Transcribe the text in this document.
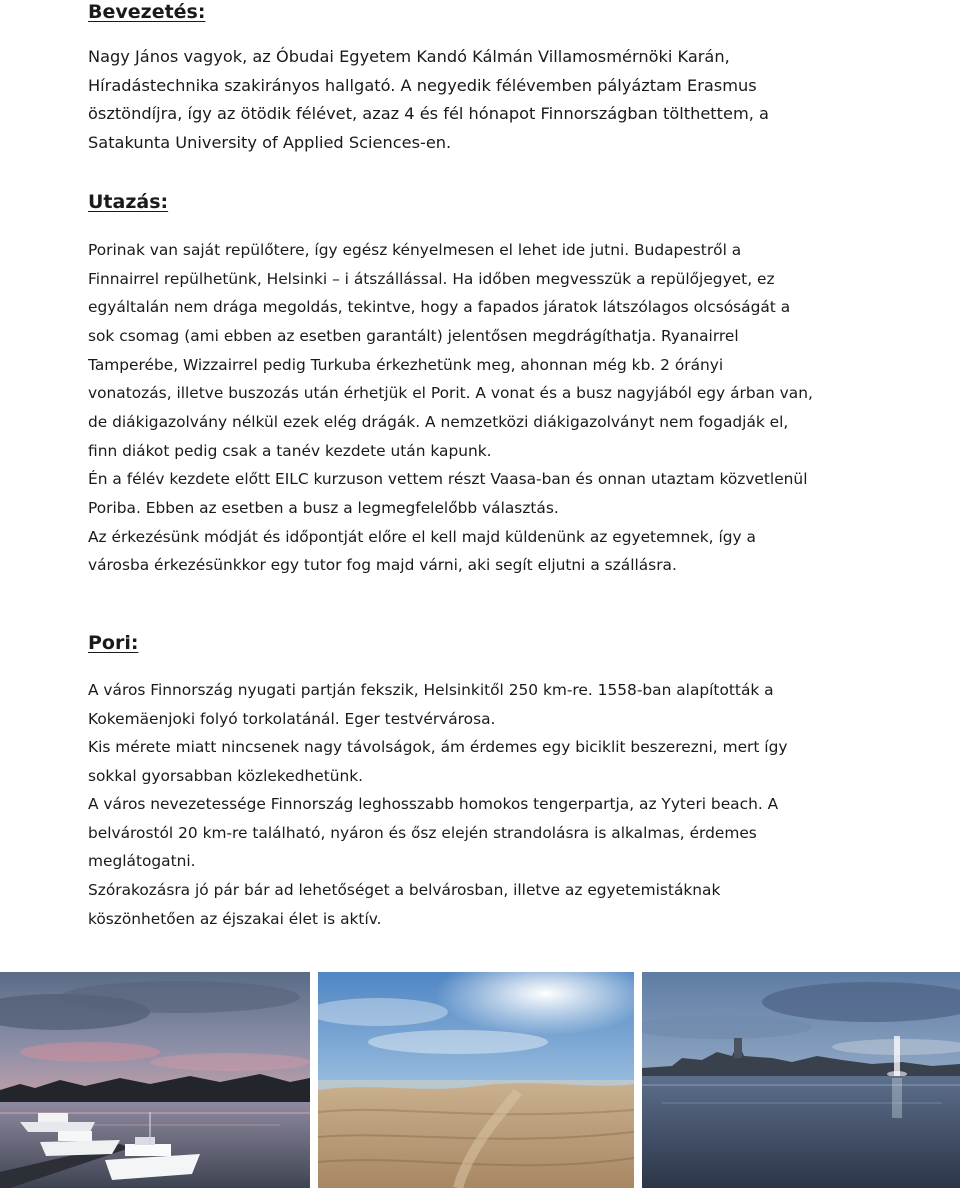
Bevezetés:
Nagy János vagyok, az Óbudai Egyetem Kandó Kálmán Villamosmérnöki Karán,
Híradástechnika szakirányos hallgató. A negyedik félévemben pályáztam Erasmus
ösztöndíjra, így az ötödik félévet, azaz 4 és fél hónapot Finnországban tölthettem, a
Satakunta University of Applied Sciences-en.
Utazás:
Porinak van saját repülőtere, így egész kényelmesen el lehet ide jutni. Budapestről a
Finnairrel repülhetünk, Helsinki – i átszállással. Ha időben megvesszük a repülőjegyet, ez
egyáltalán nem drága megoldás, tekintve, hogy a fapados járatok látszólagos olcsóságát a
sok csomag (ami ebben az esetben garantált) jelentősen megdrágíthatja. Ryanairrel
Tamperébe, Wizzairrel pedig Turkuba érkezhetünk meg, ahonnan még kb. 2 órányi
vonatozás, illetve buszozás után érhetjük el Porit. A vonat és a busz nagyjából egy árban van,
de diákigazolvány nélkül ezek elég drágák. A nemzetközi diákigazolványt nem fogadják el,
finn diákot pedig csak a tanév kezdete után kapunk.
Én a félév kezdete előtt EILC kurzuson vettem részt Vaasa-ban és onnan utaztam közvetlenül
Poriba. Ebben az esetben a busz a legmegfelelőbb választás.
Az érkezésünk módját és időpontját előre el kell majd küldenünk az egyetemnek, így a
városba érkezésünkkor egy tutor fog majd várni, aki segít eljutni a szállásra.
Pori:
A város Finnország nyugati partján fekszik, Helsinkitől 250 km-re. 1558-ban alapították a
Kokemäenjoki folyó torkolatánál. Eger testvérvárosa.
Kis mérete miatt nincsenek nagy távolságok, ám érdemes egy biciklit beszerezni, mert így
sokkal gyorsabban közlekedhetünk.
A város nevezetessége Finnország leghosszabb homokos tengerpartja, az Yyteri beach. A
belvárostól 20 km-re található, nyáron és ősz elején strandolásra is alkalmas, érdemes
meglátogatni.
Szórakozásra jó pár bár ad lehetőséget a belvárosban, illetve az egyetemistáknak
köszönhetően az éjszakai élet is aktív.
